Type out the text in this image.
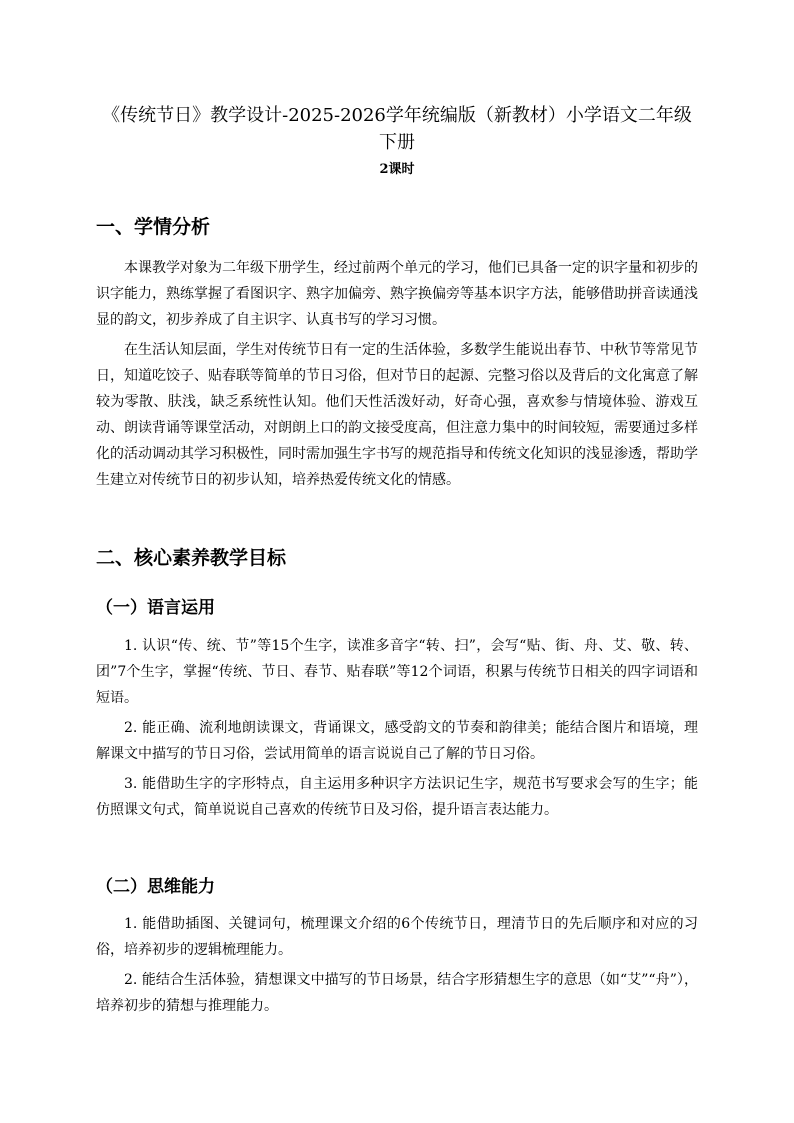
《传统节日》教学设计-2025-2026学年统编版（新教材）小学语文二年级下册
2课时
一、学情分析
本课教学对象为二年级下册学生，经过前两个单元的学习，他们已具备一定的识字量和初步的识字能力，熟练掌握了看图识字、熟字加偏旁、熟字换偏旁等基本识字方法，能够借助拼音读通浅显的韵文，初步养成了自主识字、认真书写的学习习惯。
在生活认知层面，学生对传统节日有一定的生活体验，多数学生能说出春节、中秋节等常见节日，知道吃饺子、贴春联等简单的节日习俗，但对节日的起源、完整习俗以及背后的文化寓意了解较为零散、肤浅，缺乏系统性认知。他们天性活泼好动，好奇心强，喜欢参与情境体验、游戏互动、朗读背诵等课堂活动，对朗朗上口的韵文接受度高，但注意力集中的时间较短，需要通过多样化的活动调动其学习积极性，同时需加强生字书写的规范指导和传统文化知识的浅显渗透，帮助学生建立对传统节日的初步认知，培养热爱传统文化的情感。
二、核心素养教学目标
（一）语言运用
1. 认识“传、统、节”等15个生字，读准多音字“转、扫”，会写“贴、街、舟、艾、敬、转、团”7个生字，掌握“传统、节日、春节、贴春联”等12个词语，积累与传统节日相关的四字词语和短语。
2. 能正确、流利地朗读课文，背诵课文，感受韵文的节奏和韵律美；能结合图片和语境，理解课文中描写的节日习俗，尝试用简单的语言说说自己了解的节日习俗。
3. 能借助生字的字形特点，自主运用多种识字方法识记生字，规范书写要求会写的生字；能仿照课文句式，简单说说自己喜欢的传统节日及习俗，提升语言表达能力。
（二）思维能力
1. 能借助插图、关键词句，梳理课文介绍的6个传统节日，理清节日的先后顺序和对应的习俗，培养初步的逻辑梳理能力。
2. 能结合生活体验，猜想课文中描写的节日场景，结合字形猜想生字的意思（如“艾”“舟”），培养初步的猜想与推理能力。
